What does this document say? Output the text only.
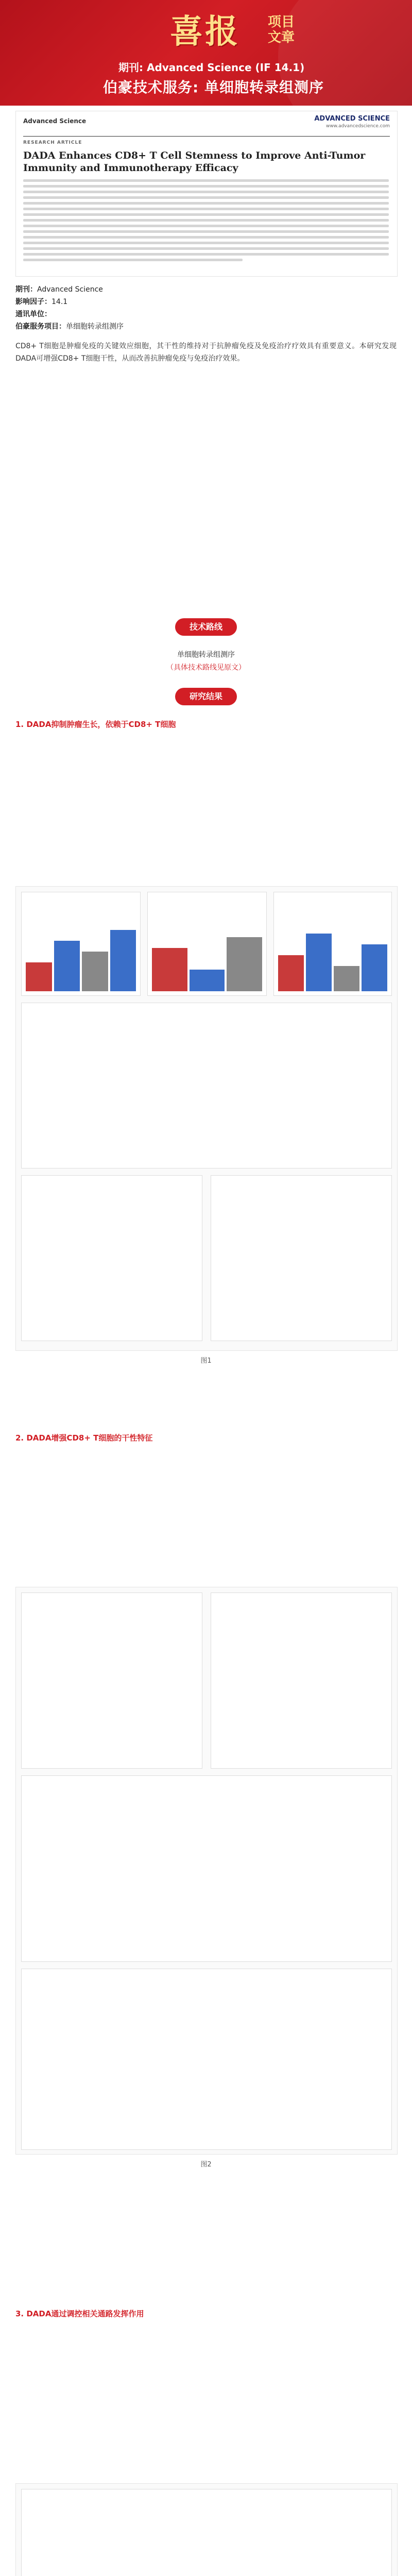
喜报 项目文章
期刊: Advanced Science (IF 14.1)
伯豪技术服务: 单细胞转录组测序
Advanced Science	ADVANCED SCIENCE
www.advancedscience.com
RESEARCH ARTICLE
DADA Enhances CD8+ T Cell Stemness to Improve Anti-Tumor Immunity and Immunotherapy Efficacy
期刊：Advanced Science
影响因子：14.1
通讯单位：
伯豪服务项目：单细胞转录组测序
CD8+ T细胞是肿瘤免疫的关键效应细胞，其干性的维持对于抗肿瘤免疫及免疫治疗疗效具有重要意义。本研究发现DADA可增强CD8+ T细胞干性，从而改善抗肿瘤免疫与免疫治疗效果。
技术路线
单细胞转录组测序
（具体技术路线见原文）
研究结果
1. DADA抑制肿瘤生长，依赖于CD8+ T细胞
图1
2. DADA增强CD8+ T细胞的干性特征
图2
3. DADA通过调控相关通路发挥作用
